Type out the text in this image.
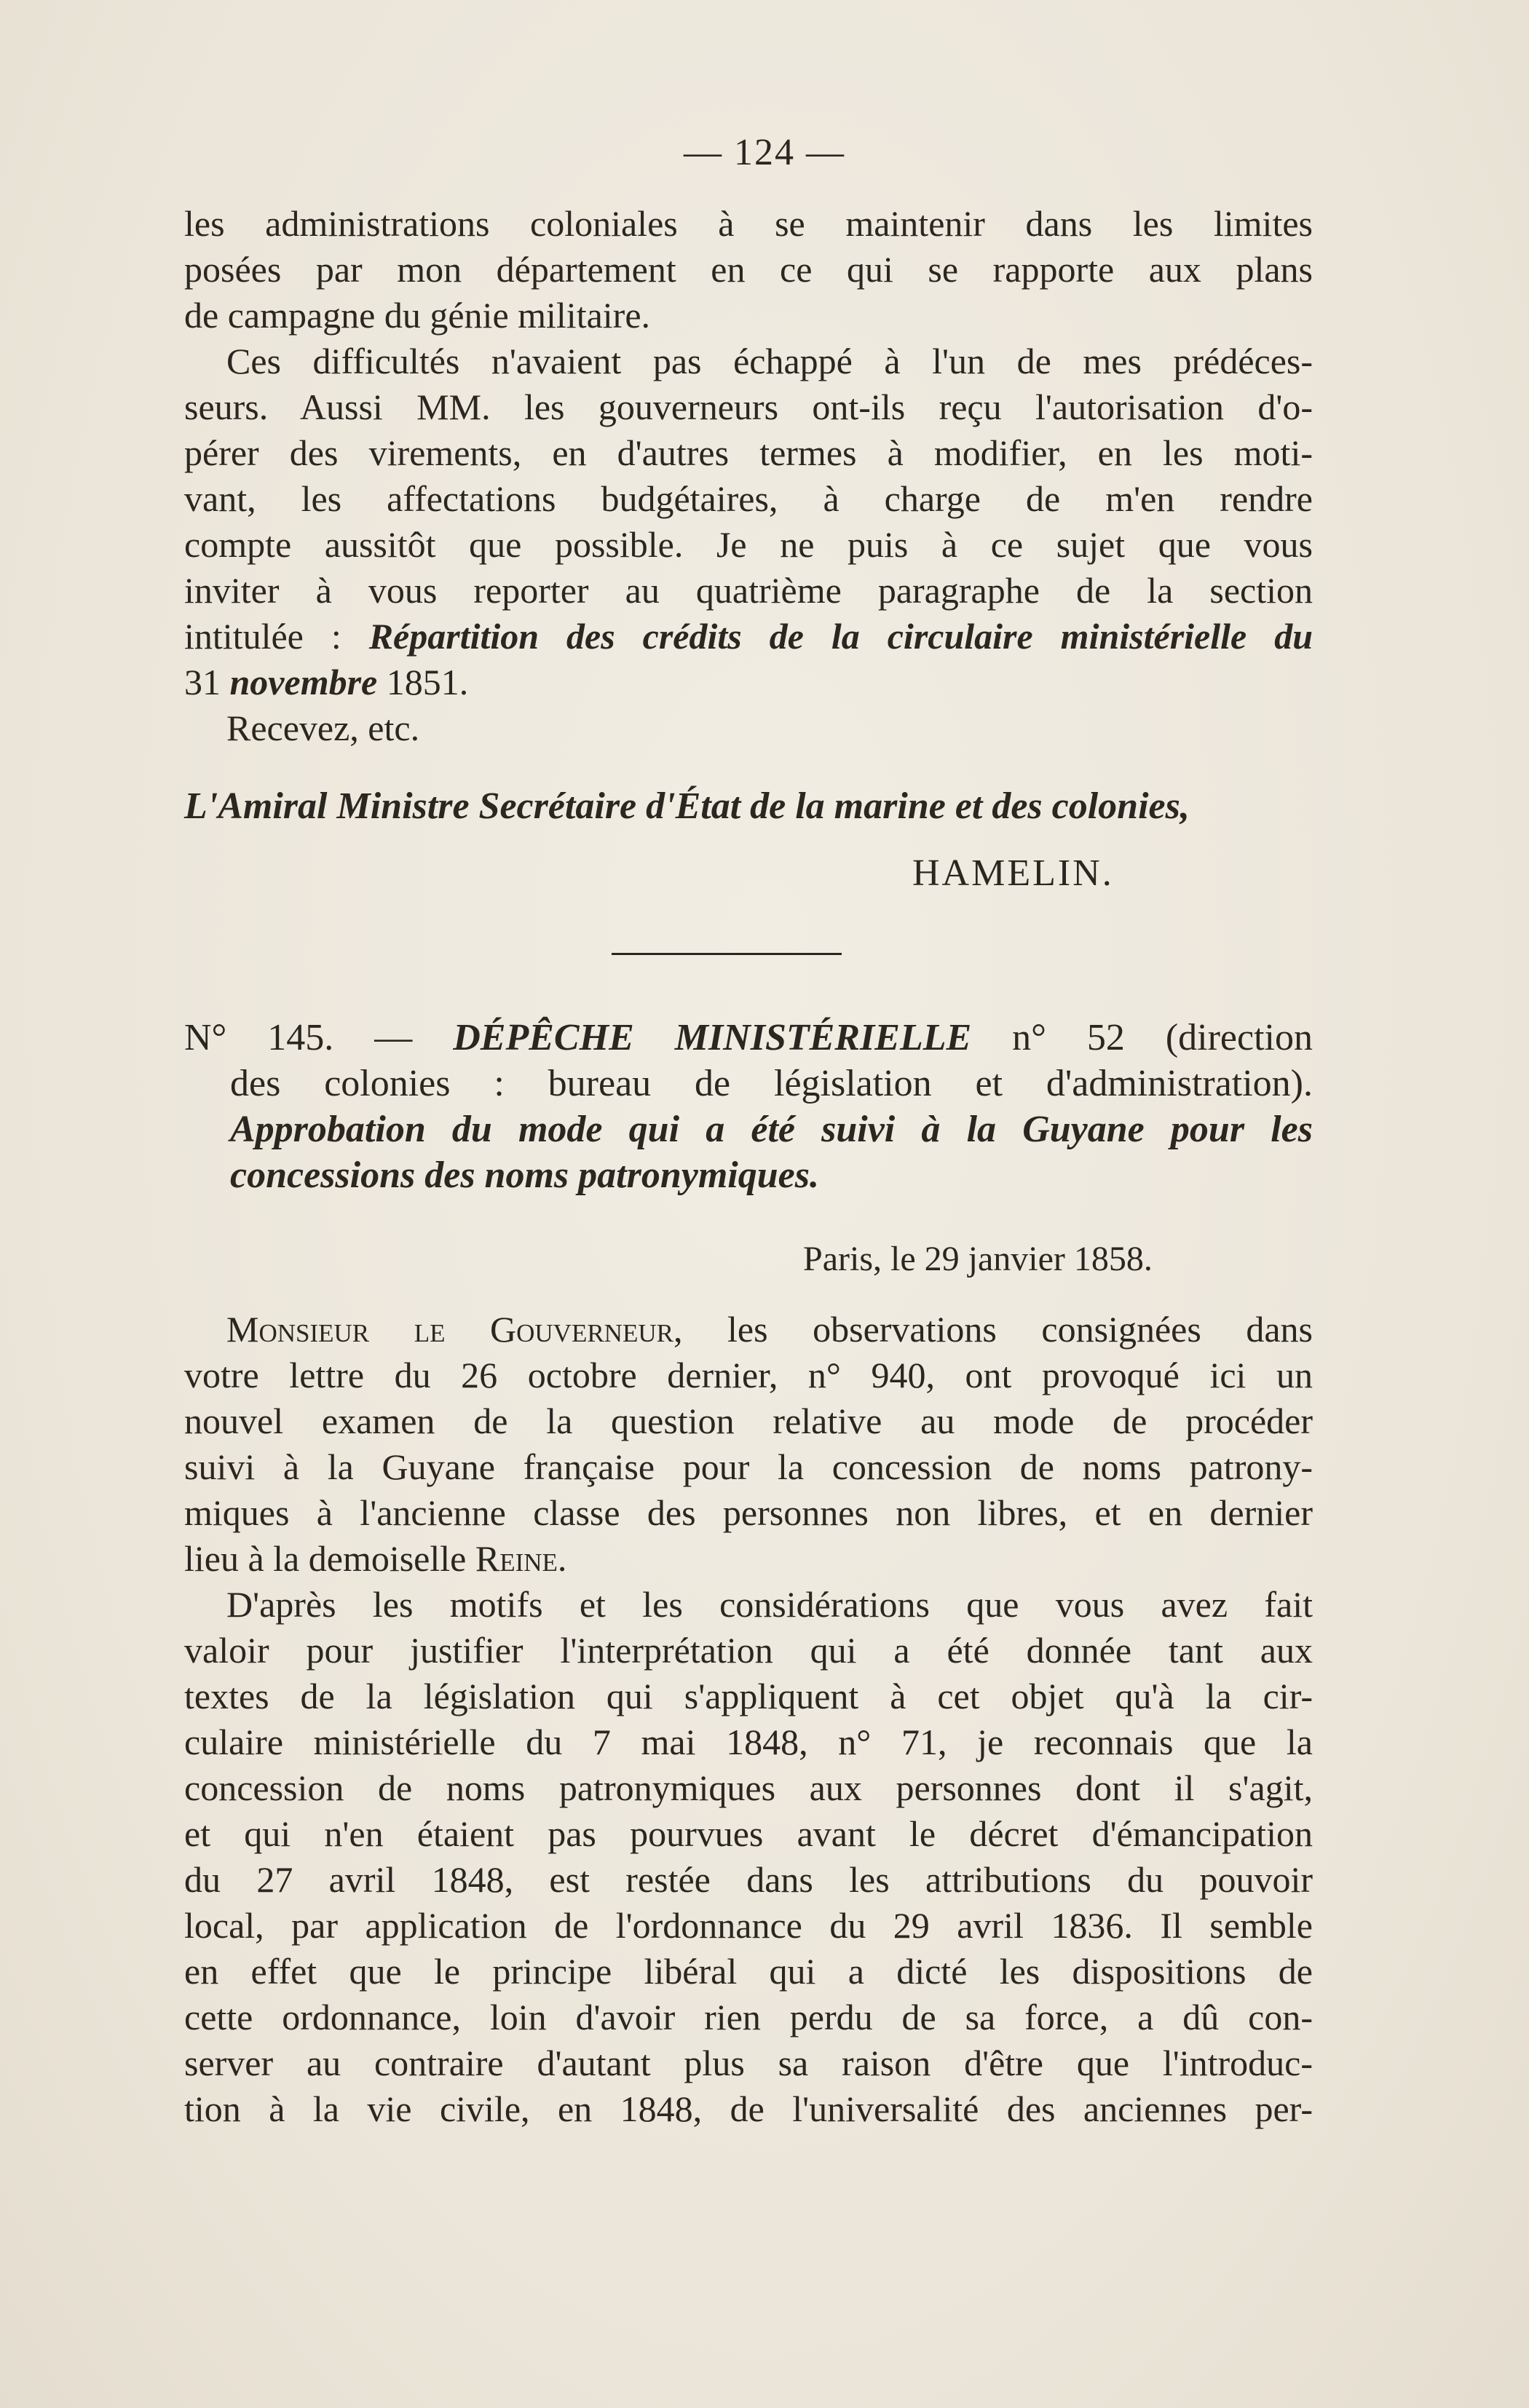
— 124 —
les administrations coloniales à se maintenir dans les limites
posées par mon département en ce qui se rapporte aux plans
de campagne du génie militaire.
Ces difficultés n'avaient pas échappé à l'un de mes prédéces-
seurs. Aussi MM. les gouverneurs ont-ils reçu l'autorisation d'o-
pérer des virements, en d'autres termes à modifier, en les moti-
vant, les affectations budgétaires, à charge de m'en rendre
compte aussitôt que possible. Je ne puis à ce sujet que vous
inviter à vous reporter au quatrième paragraphe de la section
intitulée : Répartition des crédits de la circulaire ministérielle du
31 novembre 1851.
Recevez, etc.
L'Amiral Ministre Secrétaire d'État de la marine et des colonies,
HAMELIN.
N° 145. — DÉPÊCHE MINISTÉRIELLE n° 52 (direction
des colonies : bureau de législation et d'administration).
Approbation du mode qui a été suivi à la Guyane pour les
concessions des noms patronymiques.
Paris, le 29 janvier 1858.
Monsieur le Gouverneur, les observations consignées dans
votre lettre du 26 octobre dernier, n° 940, ont provoqué ici un
nouvel examen de la question relative au mode de procéder
suivi à la Guyane française pour la concession de noms patrony-
miques à l'ancienne classe des personnes non libres, et en dernier
lieu à la demoiselle Reine.
D'après les motifs et les considérations que vous avez fait
valoir pour justifier l'interprétation qui a été donnée tant aux
textes de la législation qui s'appliquent à cet objet qu'à la cir-
culaire ministérielle du 7 mai 1848, n° 71, je reconnais que la
concession de noms patronymiques aux personnes dont il s'agit,
et qui n'en étaient pas pourvues avant le décret d'émancipation
du 27 avril 1848, est restée dans les attributions du pouvoir
local, par application de l'ordonnance du 29 avril 1836. Il semble
en effet que le principe libéral qui a dicté les dispositions de
cette ordonnance, loin d'avoir rien perdu de sa force, a dû con-
server au contraire d'autant plus sa raison d'être que l'introduc-
tion à la vie civile, en 1848, de l'universalité des anciennes per-
